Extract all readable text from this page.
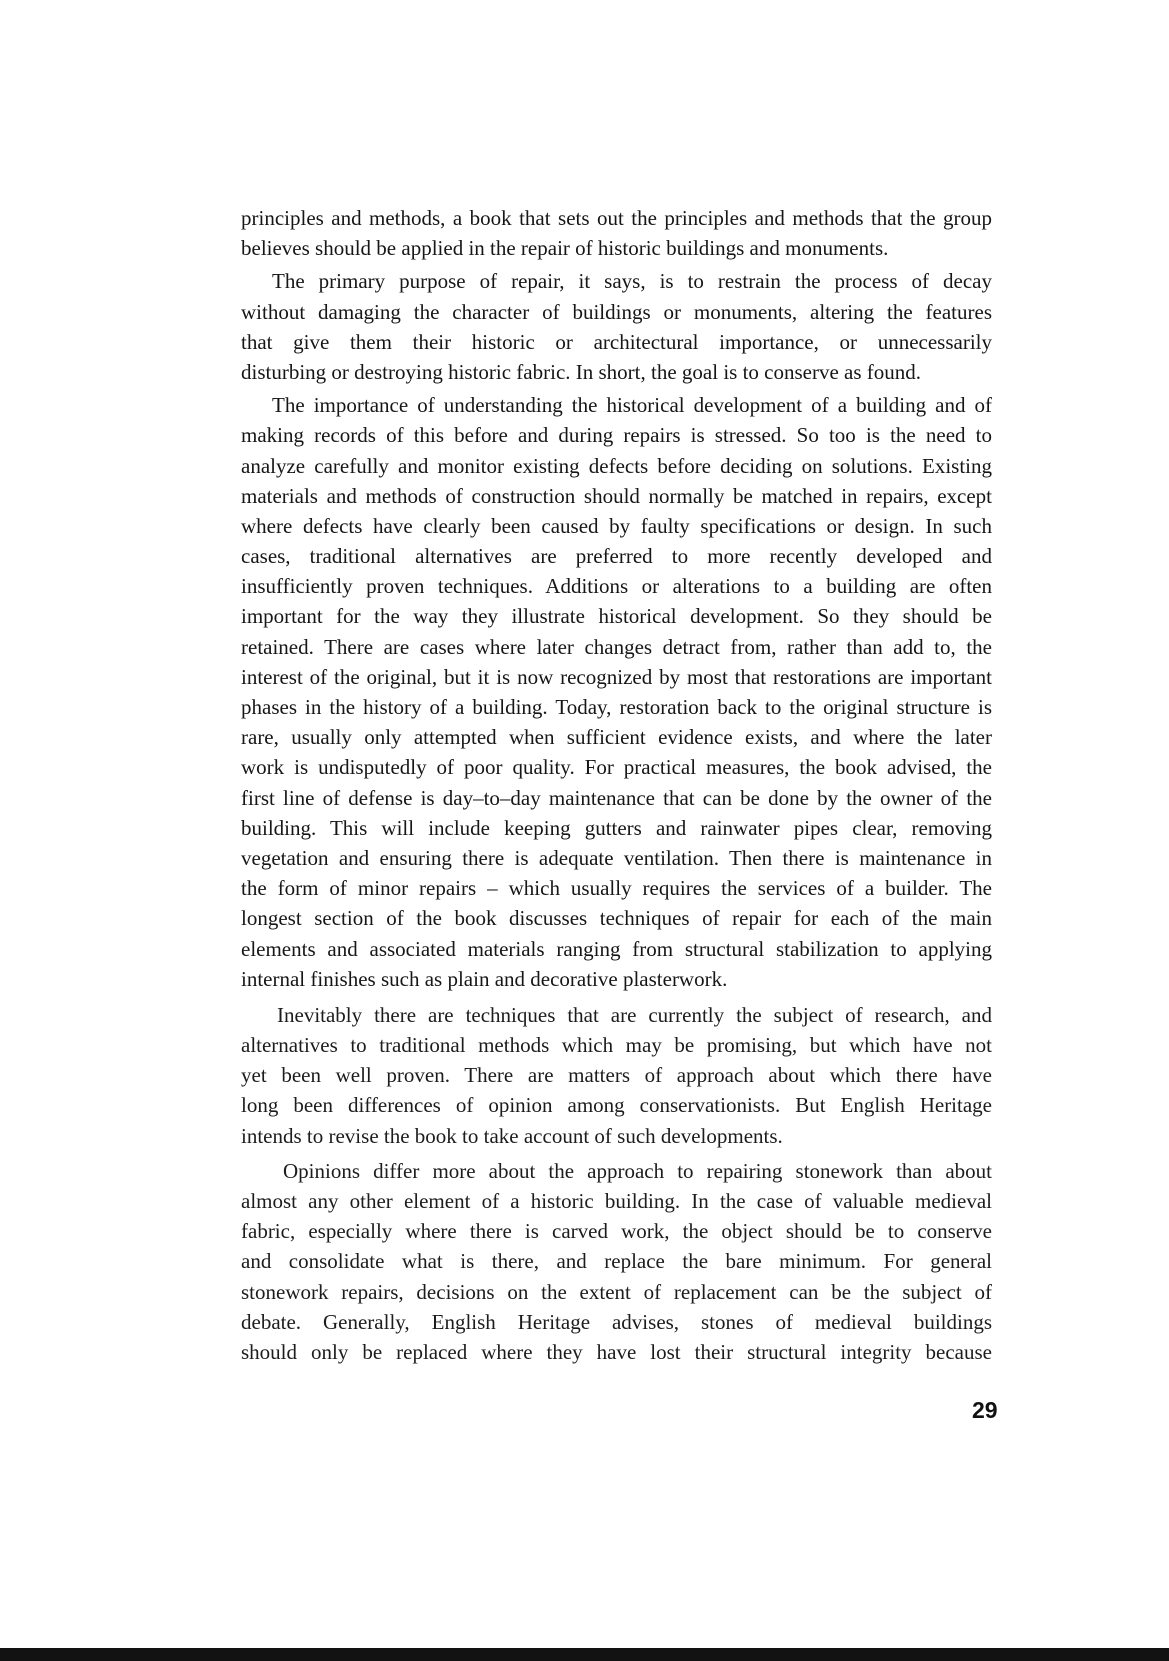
principles and methods, a book that sets out the principles and methods that the group
believes should be applied in the repair of historic buildings and monuments.
The primary purpose of repair, it says, is to restrain the process of decay
without damaging the character of buildings or monuments, altering the features
that give them their historic or architectural importance, or unnecessarily
disturbing or destroying historic fabric. In short, the goal is to conserve as found.
The importance of understanding the historical development of a building and of
making records of this before and during repairs is stressed. So too is the need to
analyze carefully and monitor existing defects before deciding on solutions. Existing
materials and methods of construction should normally be matched in repairs, except
where defects have clearly been caused by faulty specifications or design. In such
cases, traditional alternatives are preferred to more recently developed and
insufficiently proven techniques. Additions or alterations to a building are often
important for the way they illustrate historical development. So they should be
retained. There are cases where later changes detract from, rather than add to, the
interest of the original, but it is now recognized by most that restorations are important
phases in the history of a building. Today, restoration back to the original structure is
rare, usually only attempted when sufficient evidence exists, and where the later
work is undisputedly of poor quality. For practical measures, the book advised, the
first line of defense is day–to–day maintenance that can be done by the owner of the
building. This will include keeping gutters and rainwater pipes clear, removing
vegetation and ensuring there is adequate ventilation. Then there is maintenance in
the form of minor repairs – which usually requires the services of a builder. The
longest section of the book discusses techniques of repair for each of the main
elements and associated materials ranging from structural stabilization to applying
internal finishes such as plain and decorative plasterwork.
Inevitably there are techniques that are currently the subject of research, and
alternatives to traditional methods which may be promising, but which have not
yet been well proven. There are matters of approach about which there have
long been differences of opinion among conservationists. But English Heritage
intends to revise the book to take account of such developments.
Opinions differ more about the approach to repairing stonework than about
almost any other element of a historic building. In the case of valuable medieval
fabric, especially where there is carved work, the object should be to conserve
and consolidate what is there, and replace the bare minimum. For general
stonework repairs, decisions on the extent of replacement can be the subject of
debate. Generally, English Heritage advises, stones of medieval buildings
should only be replaced where they have lost their structural integrity because
29
